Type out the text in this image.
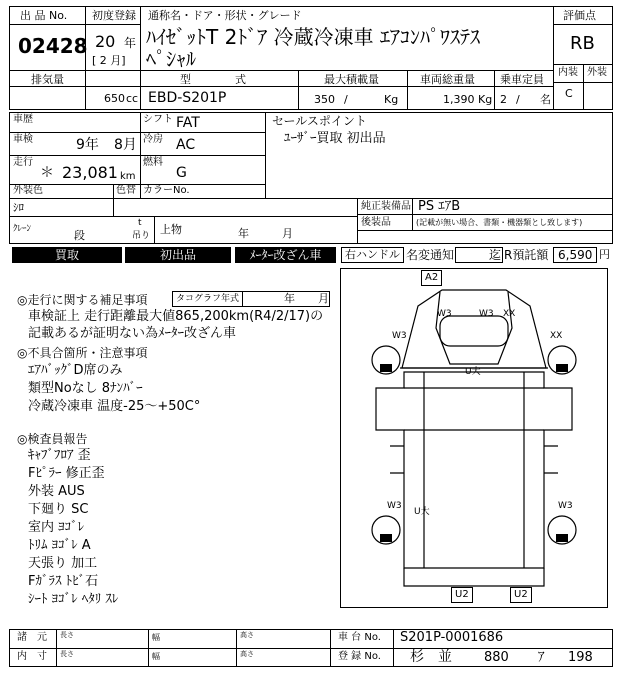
出 品 No.
02428
初度登録
20 年
[ 2 月]
通称名・ドア・形状・グレード
ﾊｲｾﾞｯﾄT 2ﾄﾞｱ 冷蔵冷凍車 ｴｱｺﾝﾊﾟﾜｽﾃｽ
ﾍﾟｼｬﾙ
評価点
RB
内装 外装
C
排気量	型　　　　式	最大積載量	車両総重量 乗車定員
650 cc EBD-S201P	350 /	Kg	1,390 Kg 2 / 名
車歴	シフト FAT
車検	9年 8月 冷房 AC
走行
＊ 23,081 km
燃料
G
セールスポイント
ﾕｰｻﾞｰ買取 初出品
外装色
ｼﾛ
色替 カラーNo.
純正装備品 PS ｴｱB
後装品	(記載が無い場合、書類・機器類とし致します)
ｸﾚｰﾝ	段
t
吊り 上物	年	月
買取	初出品	ﾒｰﾀｰ改ざん車	右ハンドル 名変通知	迄 R預託額 6,590 円
◎走行に関する補足事項	タコグラフ年式	年 月
車検証上 走行距離最大値865,200km(R4/2/17)の
記載あるが証明ない為ﾒｰﾀｰ改ざん車
◎不具合箇所・注意事項
ｴｱﾊﾞｯｸﾞD席のみ
類型Noなし 8ﾅﾝﾊﾞｰ
冷蔵冷凍車 温度-25～+50C°
◎検査員報告
ｷｬﾌﾞﾌﾛｱ 歪
Fﾋﾟﾗｰ 修正歪
外装 AUS
下廻り SC
室内 ﾖｺﾞﾚ
ﾄﾘﾑ ﾖｺﾞﾚ A
天張り 加工
Fｶﾞﾗｽ ﾄﾋﾞ石
ｼｰﾄ ﾖｺﾞﾚ ﾍﾀﾘ ｽﾚ
A2
W3	W3 XX
W3	XX
U大
W3
U大
W3
U2	U2
諸　元 長さ	幅	高さ
内　寸 長さ	幅	高さ
車 台 No. S201P-0001686
登 録 No. 杉　並 880 ｱ 198
